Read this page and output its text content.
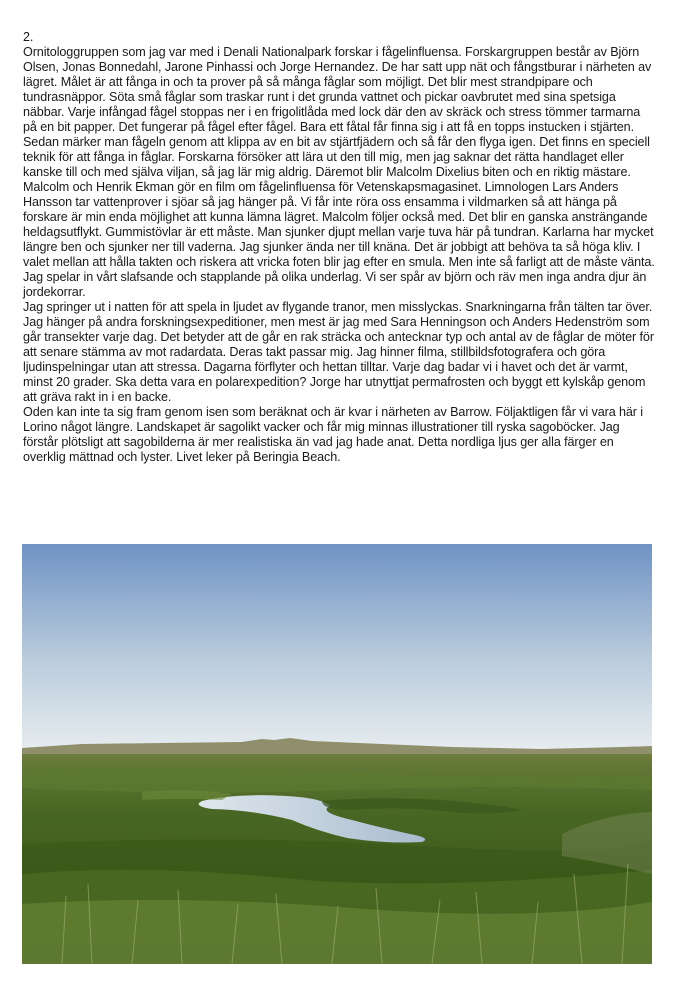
2.

Ornitologgruppen som jag var med i Denali Nationalpark forskar i fågelinfluensa. Forskargruppen består av Björn Olsen, Jonas Bonnedahl, Jarone Pinhassi och Jorge Hernandez. De har satt upp nät och fångstburar i närheten av lägret. Målet är att fånga in och ta prover på så många fåglar som möjligt. Det blir mest strandpipare och tundrasnäppor. Söta små fåglar som traskar runt i det grunda vattnet och pickar oavbrutet med sina spetsiga näbbar. Varje infångad fågel stoppas ner i en frigolitlåda med lock där den av skräck och stress tömmer tarmarna på en bit papper. Det fungerar på fågel efter fågel. Bara ett fåtal får finna sig i att få en topps instucken i stjärten. Sedan märker man fågeln genom att klippa av en bit av stjärtfjädern och så får den flyga igen. Det finns en speciell teknik för att fånga in fåglar. Forskarna försöker att lära ut den till mig, men jag saknar det rätta handlaget eller kanske till och med själva viljan, så jag lär mig aldrig. Däremot blir Malcolm Dixelius biten och en riktig mästare. Malcolm och Henrik Ekman gör en film om fågelinfluensa för Vetenskapsmagasinet. Limnologen Lars Anders Hansson tar vattenprover i sjöar så jag hänger på. Vi får inte röra oss ensamma i vildmarken så att hänga på forskare är min enda möjlighet att kunna lämna lägret. Malcolm följer också med. Det blir en ganska ansträngande heldagsutflykt. Gummistövlar är ett måste. Man sjunker djupt mellan varje tuva här på tundran. Karlarna har mycket längre ben och sjunker ner till vaderna. Jag sjunker ända ner till knäna. Det är jobbigt att behöva ta så höga kliv. I valet mellan att hålla takten och riskera att vricka foten blir jag efter en smula. Men inte så farligt att de måste vänta. Jag spelar in vårt slafsande och stapplande på olika underlag. Vi ser spår av björn och räv men inga andra djur än jordekorrar.

Jag springer ut i natten för att spela in ljudet av flygande tranor, men misslyckas. Snarkningarna från tälten tar över. Jag hänger på andra forskningsexpeditioner, men mest är jag med Sara Henningson och Anders Hedenström som går transekter varje dag. Det betyder att de går en rak sträcka och antecknar typ och antal av de fåglar de möter för att senare stämma av mot radardata. Deras takt passar mig. Jag hinner filma, stillbildsfotografera och göra ljudinspelningar utan att stressa. Dagarna förflyter och hettan tilltar. Varje dag badar vi i havet och det är varmt, minst 20 grader. Ska detta vara en polarexpedition? Jorge har utnyttjat permafrosten och byggt ett kylskåp genom att gräva rakt in i en backe.

Oden kan inte ta sig fram genom isen som beräknat och är kvar i närheten av Barrow. Följaktligen får vi vara här i Lorino något längre. Landskapet är sagolikt vacker och får mig minnas illustrationer till ryska sagoböcker. Jag förstår plötsligt att sagobilderna är mer realistiska än vad jag hade anat. Detta nordliga ljus ger alla färger en overklig mättnad och lyster. Livet leker på Beringia Beach.
